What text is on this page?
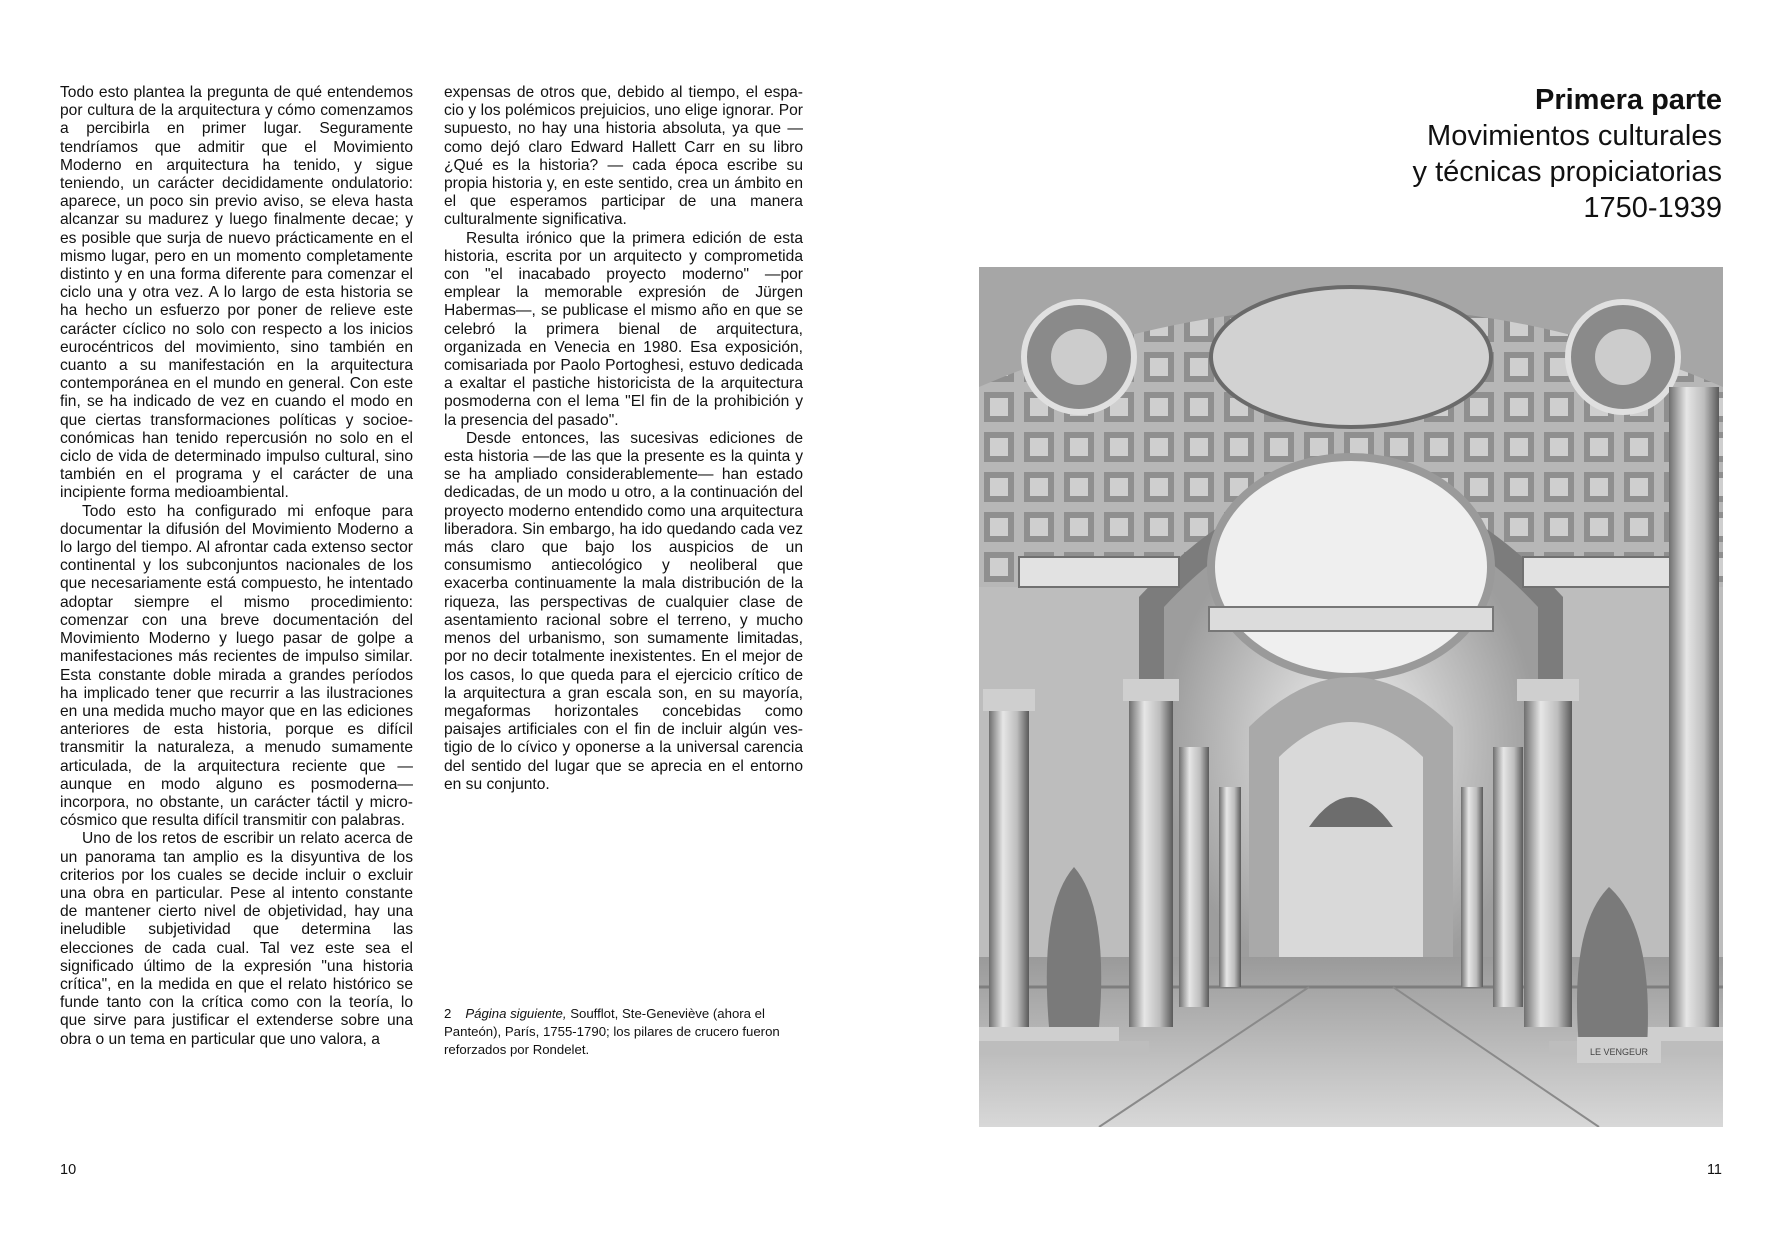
Todo esto plantea la pregunta de qué entendemos por cultura de la arquitectura y cómo comenzamos a percibirla en primer lugar. Seguramente tendríamos que admitir que el Movimiento Moderno en arquitectura ha tenido, y sigue teniendo, un carácter decididamente ondulatorio: aparece, un poco sin previo aviso, se eleva hasta alcanzar su madurez y luego finalmente decae; y es posible que surja de nuevo prácticamente en el mismo lugar, pero en un momento completamente distinto y en una forma diferente para comenzar el ciclo una y otra vez. A lo largo de esta historia se ha hecho un esfuerzo por poner de relieve este carácter cíclico no solo con respecto a los inicios eurocéntricos del movimiento, sino también en cuanto a su manifestación en la arquitectura contemporánea en el mundo en general. Con este fin, se ha indicado de vez en cuando el modo en que ciertas transformaciones políticas y socioeconómicas han tenido repercusión no solo en el ciclo de vida de determinado impulso cultural, sino también en el programa y el carácter de una incipiente forma medioambiental.

Todo esto ha configurado mi enfoque para documentar la difusión del Movimiento Moderno a lo largo del tiempo. Al afrontar cada extenso sector continental y los subconjuntos nacionales de los que necesariamente está compuesto, he intentado adoptar siempre el mismo procedimiento: comenzar con una breve documentación del Movimiento Moderno y luego pasar de golpe a manifestaciones más recientes de impulso similar. Esta constante doble mirada a grandes períodos ha implicado tener que recurrir a las ilustraciones en una medida mucho mayor que en las ediciones anteriores de esta historia, porque es difícil transmitir la naturaleza, a menudo sumamente articulada, de la arquitectura reciente que —aunque en modo alguno es posmoderna— incorpora, no obstante, un carácter táctil y microcósmico que resulta difícil transmitir con palabras.

Uno de los retos de escribir un relato acerca de un panorama tan amplio es la disyuntiva de los criterios por los cuales se decide incluir o excluir una obra en particular. Pese al intento constante de mantener cierto nivel de objetividad, hay una ineludible subjetividad que determina las elecciones de cada cual. Tal vez este sea el significado último de la expresión "una historia crítica", en la medida en que el relato histórico se funde tanto con la crítica como con la teoría, lo que sirve para justificar el extenderse sobre una obra o un tema en particular que uno valora, a

expensas de otros que, debido al tiempo, el espacio y los polémicos prejuicios, uno elige ignorar. Por supuesto, no hay una historia absoluta, ya que —como dejó claro Edward Hallett Carr en su libro ¿Qué es la historia? — cada época escribe su propia historia y, en este sentido, crea un ámbito en el que esperamos participar de una manera culturalmente significativa.

Resulta irónico que la primera edición de esta historia, escrita por un arquitecto y comprometida con "el inacabado proyecto moderno" —por emplear la memorable expresión de Jürgen Habermas—, se publicase el mismo año en que se celebró la primera bienal de arquitectura, organizada en Venecia en 1980. Esa exposición, comisariada por Paolo Portoghesi, estuvo dedicada a exaltar el pastiche historicista de la arquitectura posmoderna con el lema "El fin de la prohibición y la presencia del pasado".

Desde entonces, las sucesivas ediciones de esta historia —de las que la presente es la quinta y se ha ampliado considerablemente— han estado dedicadas, de un modo u otro, a la continuación del proyecto moderno entendido como una arquitectura liberadora. Sin embargo, ha ido quedando cada vez más claro que bajo los auspicios de un consumismo antiecológico y neoliberal que exacerba continuamente la mala distribución de la riqueza, las perspectivas de cualquier clase de asentamiento racional sobre el terreno, y mucho menos del urbanismo, son sumamente limitadas, por no decir totalmente inexistentes. En el mejor de los casos, lo que queda para el ejercicio crítico de la arquitectura a gran escala son, en su mayoría, megaformas horizontales concebidas como paisajes artificiales con el fin de incluir algún vestigio de lo cívico y oponerse a la universal carencia del sentido del lugar que se aprecia en el entorno en su conjunto.

2 Página siguiente, Soufflot, Ste-Geneviève (ahora el Panteón), París, 1755-1790; los pilares de crucero fueron reforzados por Rondelet.
10
Primera parte
Movimientos culturales
y técnicas propiciatorias
1750-1939
LE VENGEUR
11
